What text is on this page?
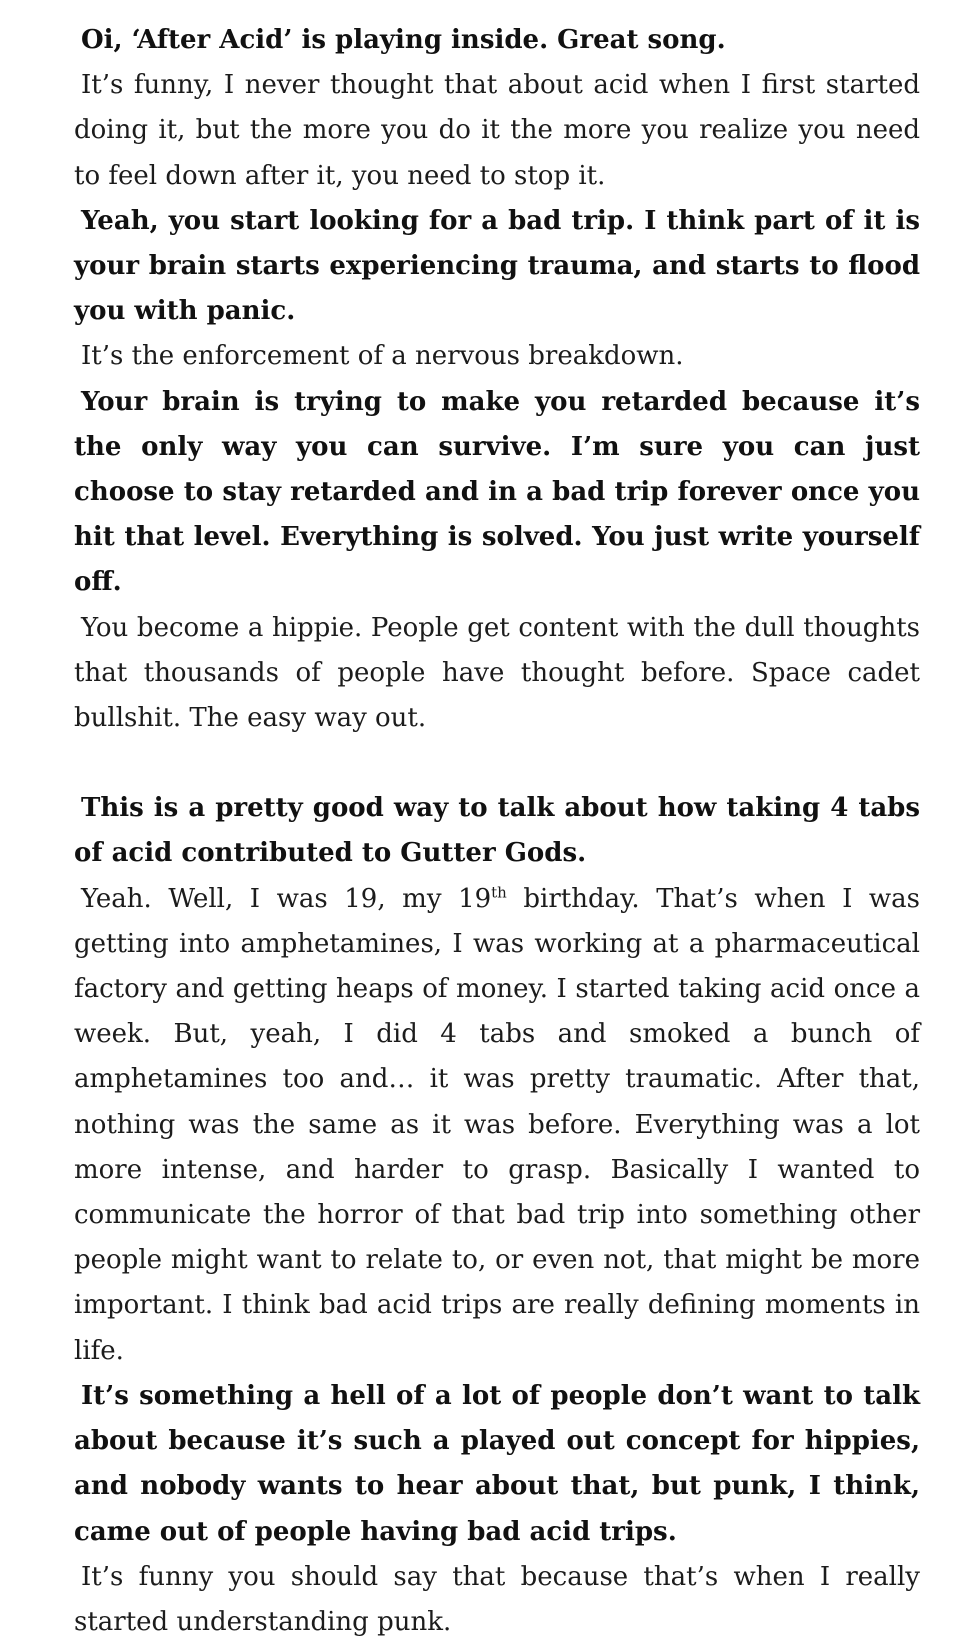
Oi, ‘After Acid’ is playing inside. Great song.

It’s funny, I never thought that about acid when I first started doing it, but the more you do it the more you realize you need to feel down after it, you need to stop it.

Yeah, you start looking for a bad trip. I think part of it is your brain starts experiencing trauma, and starts to flood you with panic.

It’s the enforcement of a nervous breakdown.

Your brain is trying to make you retarded because it’s the only way you can survive. I’m sure you can just choose to stay retarded and in a bad trip forever once you hit that level. Everything is solved. You just write yourself off.

You become a hippie. People get content with the dull thoughts that thousands of people have thought before. Space cadet bullshit. The easy way out.

This is a pretty good way to talk about how taking 4 tabs of acid contributed to Gutter Gods.

Yeah. Well, I was 19, my 19th birthday. That’s when I was getting into amphetamines, I was working at a pharmaceutical factory and getting heaps of money. I started taking acid once a week. But, yeah, I did 4 tabs and smoked a bunch of amphetamines too and… it was pretty traumatic. After that, nothing was the same as it was before. Everything was a lot more intense, and harder to grasp. Basically I wanted to communicate the horror of that bad trip into something other people might want to relate to, or even not, that might be more important. I think bad acid trips are really defining moments in life.

It’s something a hell of a lot of people don’t want to talk about because it’s such a played out concept for hippies, and nobody wants to hear about that, but punk, I think, came out of people having bad acid trips.

It’s funny you should say that because that’s when I really started understanding punk.
